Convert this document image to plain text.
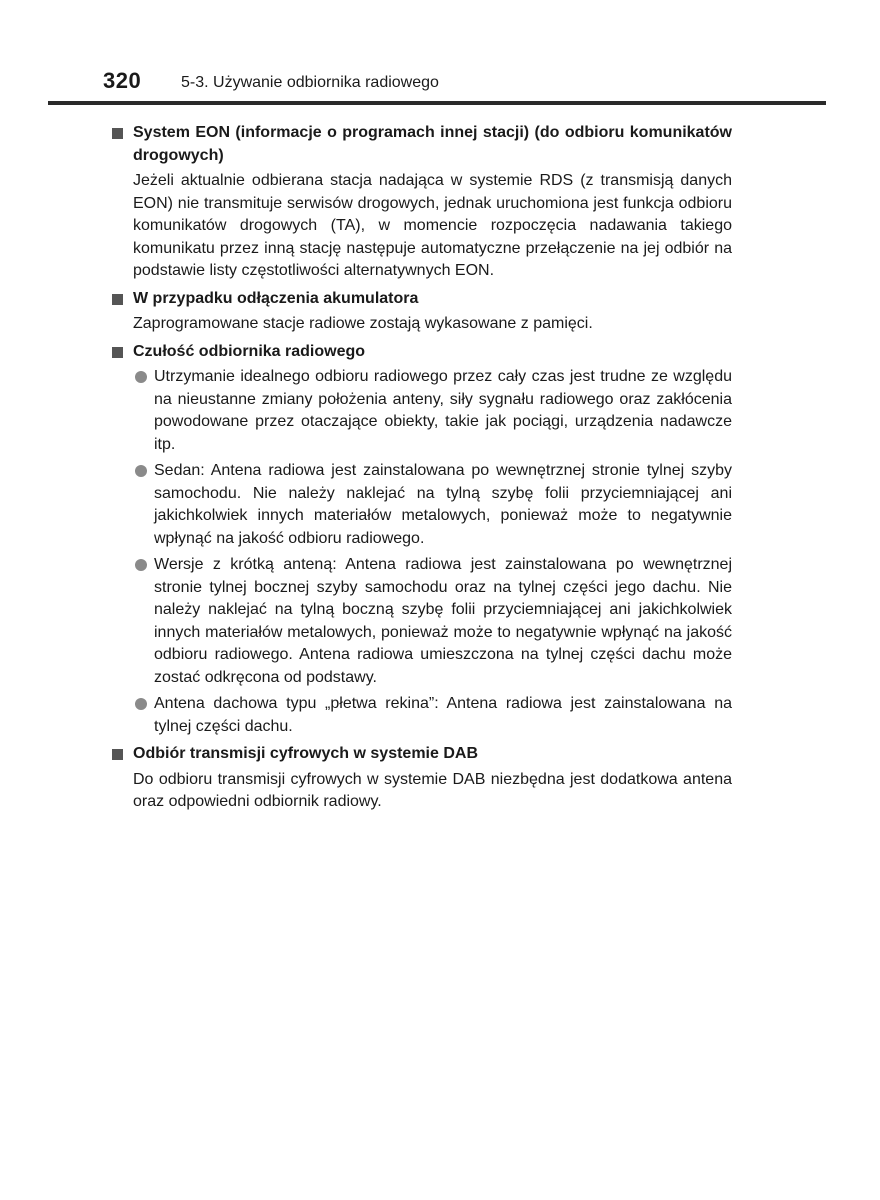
320 5-3. Używanie odbiornika radiowego

System EON (informacje o programach innej stacji) (do odbioru komunikatów drogowych)

Jeżeli aktualnie odbierana stacja nadająca w systemie RDS (z transmisją danych EON) nie transmituje serwisów drogowych, jednak uruchomiona jest funkcja odbioru komunikatów drogowych (TA), w momencie rozpoczęcia nadawania takiego komunikatu przez inną stację następuje automatyczne przełączenie na jej odbiór na podstawie listy częstotliwości alternatywnych EON.

W przypadku odłączenia akumulatora

Zaprogramowane stacje radiowe zostają wykasowane z pamięci.

Czułość odbiornika radiowego

Utrzymanie idealnego odbioru radiowego przez cały czas jest trudne ze względu na nieustanne zmiany położenia anteny, siły sygnału radiowego oraz zakłócenia powodowane przez otaczające obiekty, takie jak pociągi, urządzenia nadawcze itp.
Sedan: Antena radiowa jest zainstalowana po wewnętrznej stronie tylnej szyby samochodu. Nie należy naklejać na tylną szybę folii przyciemniającej ani jakichkolwiek innych materiałów metalowych, ponieważ może to negatywnie wpłynąć na jakość odbioru radiowego.
Wersje z krótką anteną: Antena radiowa jest zainstalowana po wewnętrznej stronie tylnej bocznej szyby samochodu oraz na tylnej części jego dachu. Nie należy naklejać na tylną boczną szybę folii przyciemniającej ani jakichkolwiek innych materiałów metalowych, ponieważ może to negatywnie wpłynąć na jakość odbioru radiowego. Antena radiowa umieszczona na tylnej części dachu może zostać odkręcona od podstawy.
Antena dachowa typu „płetwa rekina”: Antena radiowa jest zainstalowana na tylnej części dachu.

Odbiór transmisji cyfrowych w systemie DAB

Do odbioru transmisji cyfrowych w systemie DAB niezbędna jest dodatkowa antena oraz odpowiedni odbiornik radiowy.
